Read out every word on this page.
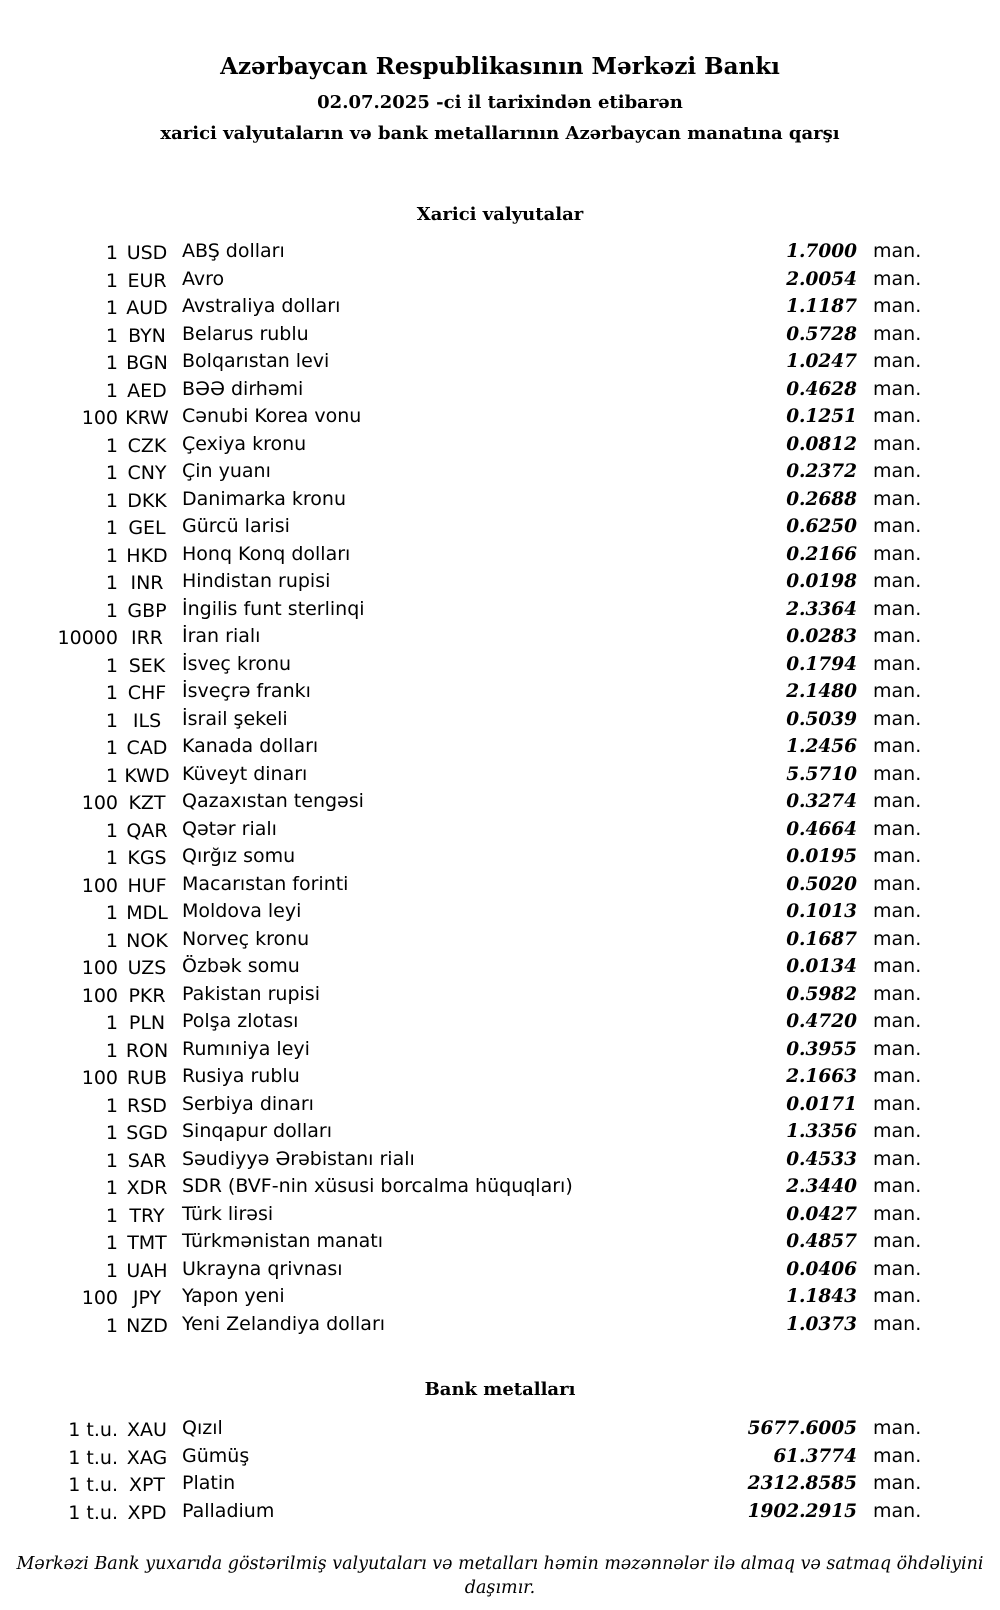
Azərbaycan Respublikasının Mərkəzi Bankı
02.07.2025 -ci il tarixindən etibarən
xarici valyutaların və bank metallarının Azərbaycan manatına qarşı
Xarici valyutalar
1 USD ABŞ dolları	1.7000 man.
1 EUR Avro	2.0054 man.
1 AUD Avstraliya dolları	1.1187 man.
1 BYN Belarus rublu	0.5728 man.
1 BGN Bolqarıstan levi	1.0247 man.
1 AED BƏƏ dirhəmi	0.4628 man.
100 KRW Cənubi Korea vonu	0.1251 man.
1 CZK Çexiya kronu	0.0812 man.
1 CNY Çin yuanı	0.2372 man.
1 DKK Danimarka kronu	0.2688 man.
1 GEL Gürcü larisi	0.6250 man.
1 HKD Honq Konq dolları	0.2166 man.
1 INR Hindistan rupisi	0.0198 man.
1 GBP İngilis funt sterlinqi	2.3364 man.
10000 IRR	İran rialı	0.0283 man.
1 SEK İsveç kronu	0.1794 man.
1 CHF İsveçrə frankı	2.1480 man.
1 ILS	İsrail şekeli	0.5039 man.
1 CAD Kanada dolları	1.2456 man.
1 KWD Küveyt dinarı	5.5710 man.
100 KZT Qazaxıstan tengəsi	0.3274 man.
1 QAR Qətər rialı	0.4664 man.
1 KGS Qırğız somu	0.0195 man.
100 HUF Macarıstan forinti	0.5020 man.
1 MDL Moldova leyi	0.1013 man.
1 NOK Norveç kronu	0.1687 man.
100 UZS Özbək somu	0.0134 man.
100 PKR Pakistan rupisi	0.5982 man.
1 PLN Polşa zlotası	0.4720 man.
1 RON Rumıniya leyi	0.3955 man.
100 RUB Rusiya rublu	2.1663 man.
1 RSD Serbiya dinarı	0.0171 man.
1 SGD Sinqapur dolları	1.3356 man.
1 SAR Səudiyyə Ərəbistanı rialı	0.4533 man.
1 XDR SDR (BVF-nin xüsusi borcalma hüquqları)	2.3440 man.
1 TRY Türk lirəsi	0.0427 man.
1 TMT Türkmənistan manatı	0.4857 man.
1 UAH Ukrayna qrivnası	0.0406 man.
100 JPY	Yapon yeni	1.1843 man.
1 NZD Yeni Zelandiya dolları	1.0373 man.
Bank metalları
1 t.u. XAU Qızıl	5677.6005 man.
1 t.u. XAG Gümüş	61.3774 man.
1 t.u. XPT Platin	2312.8585 man.
1 t.u. XPD Palladium	1902.2915 man.
Mərkəzi Bank yuxarıda göstərilmiş valyutaları və metalları həmin məzənnələr ilə almaq və satmaq öhdəliyini daşımır.
